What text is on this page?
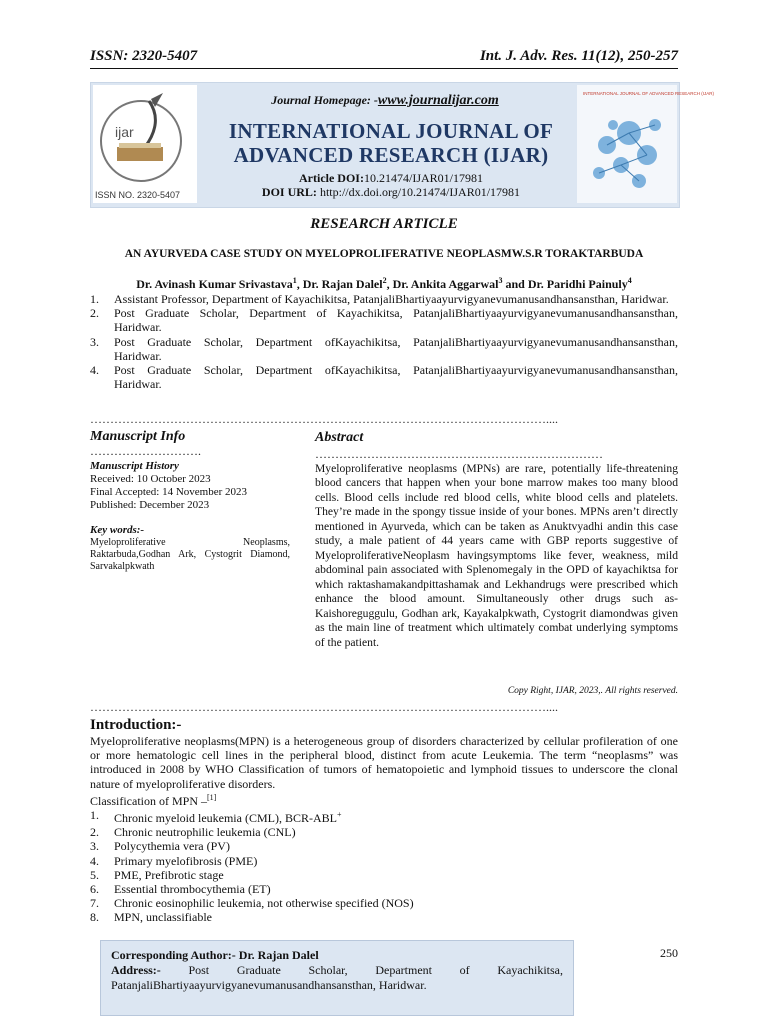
ISSN: 2320-5407	Int. J. Adv. Res. 11(12), 250-257
ijar
ISSN NO. 2320-5407
Journal Homepage: -www.journalijar.com
INTERNATIONAL JOURNAL OF
ADVANCED RESEARCH (IJAR)
Article DOI:10.21474/IJAR01/17981
DOI URL: http://dx.doi.org/10.21474/IJAR01/17981
INTERNATIONAL JOURNAL OF ADVANCED RESEARCH (IJAR)
RESEARCH ARTICLE
AN AYURVEDA CASE STUDY ON MYELOPROLIFERATIVE NEOPLASMW.S.R TORAKTARBUDA
Dr. Avinash Kumar Srivastava$^1$, Dr. Rajan Dalel$^2$, Dr. Ankita Aggarwal$^3$ and Dr. Paridhi Painuly$^4$
1. Assistant Professor, Department of Kayachikitsa, PatanjaliBhartiyaayurvigyanevumanusandhansansthan, Haridwar.
2. Post Graduate Scholar, Department of Kayachikitsa, PatanjaliBhartiyaayurvigyanevumanusandhansansthan, Haridwar.
3. Post Graduate Scholar, Department ofKayachikitsa, PatanjaliBhartiyaayurvigyanevumanusandhansansthan, Haridwar.
4. Post Graduate Scholar, Department ofKayachikitsa, PatanjaliBhartiyaayurvigyanevumanusandhansansthan, Haridwar.
……………………………………………………………………………………………………....
Manuscript Info
……………………….
Manuscript History
Received: 10 October 2023
Final Accepted: 14 November 2023
Published: December 2023
Key words:-
Myeloproliferative Neoplasms, Raktarbuda,Godhan Ark, Cystogrit Diamond, Sarvakalpkwath
Abstract
………………………………………………………………
Myeloproliferative neoplasms (MPNs) are rare, potentially life-threatening blood cancers that happen when your bone marrow makes too many blood cells. Blood cells include red blood cells, white blood cells and platelets. They’re made in the spongy tissue inside of your bones. MPNs aren’t directly mentioned in Ayurveda, which can be taken as Anuktvyadhi andin this case study, a male patient of 44 years came with GBP reports suggestive of MyeloproliferativeNeoplasm havingsymptoms like fever, weakness, mild abdominal pain associated with Splenomegaly in the OPD of kayachiktsa for which raktashamakandpittashamak and Lekhandrugs were prescribed which enhance the blood amount. Simultaneously other drugs such as- Kaishoreguggulu, Godhan ark, Kayakalpkwath, Cystogrit diamondwas given as the main line of treatment which ultimately combat underlying symptoms of the patient.
Copy Right, IJAR, 2023,. All rights reserved.
……………………………………………………………………………………………………....
Introduction:-

Myeloproliferative neoplasms(MPN) is a heterogeneous group of disorders characterized by cellular profileration of one or more hematologic cell lines in the peripheral blood, distinct from acute Leukemia. The term “neoplasms” was introduced in 2008 by WHO Classification of tumors of hematopoietic and lymphoid tissues to underscore the clonal nature of myeloproliferative disorders.

Classification of MPN –[1]
1. Chronic myeloid leukemia (CML), BCR-ABL+
2. Chronic neutrophilic leukemia (CNL)
3. Polycythemia vera (PV)
4. Primary myelofibrosis (PME)
5. PME, Prefibrotic stage
6. Essential thrombocythemia (ET)
7. Chronic eosinophilic leukemia, not otherwise specified (NOS)
8. MPN, unclassifiable
Corresponding Author:- Dr. Rajan Dalel
Address:- Post Graduate Scholar, Department of Kayachikitsa, PatanjaliBhartiyaayurvigyanevumanusandhansansthan, Haridwar.
250
